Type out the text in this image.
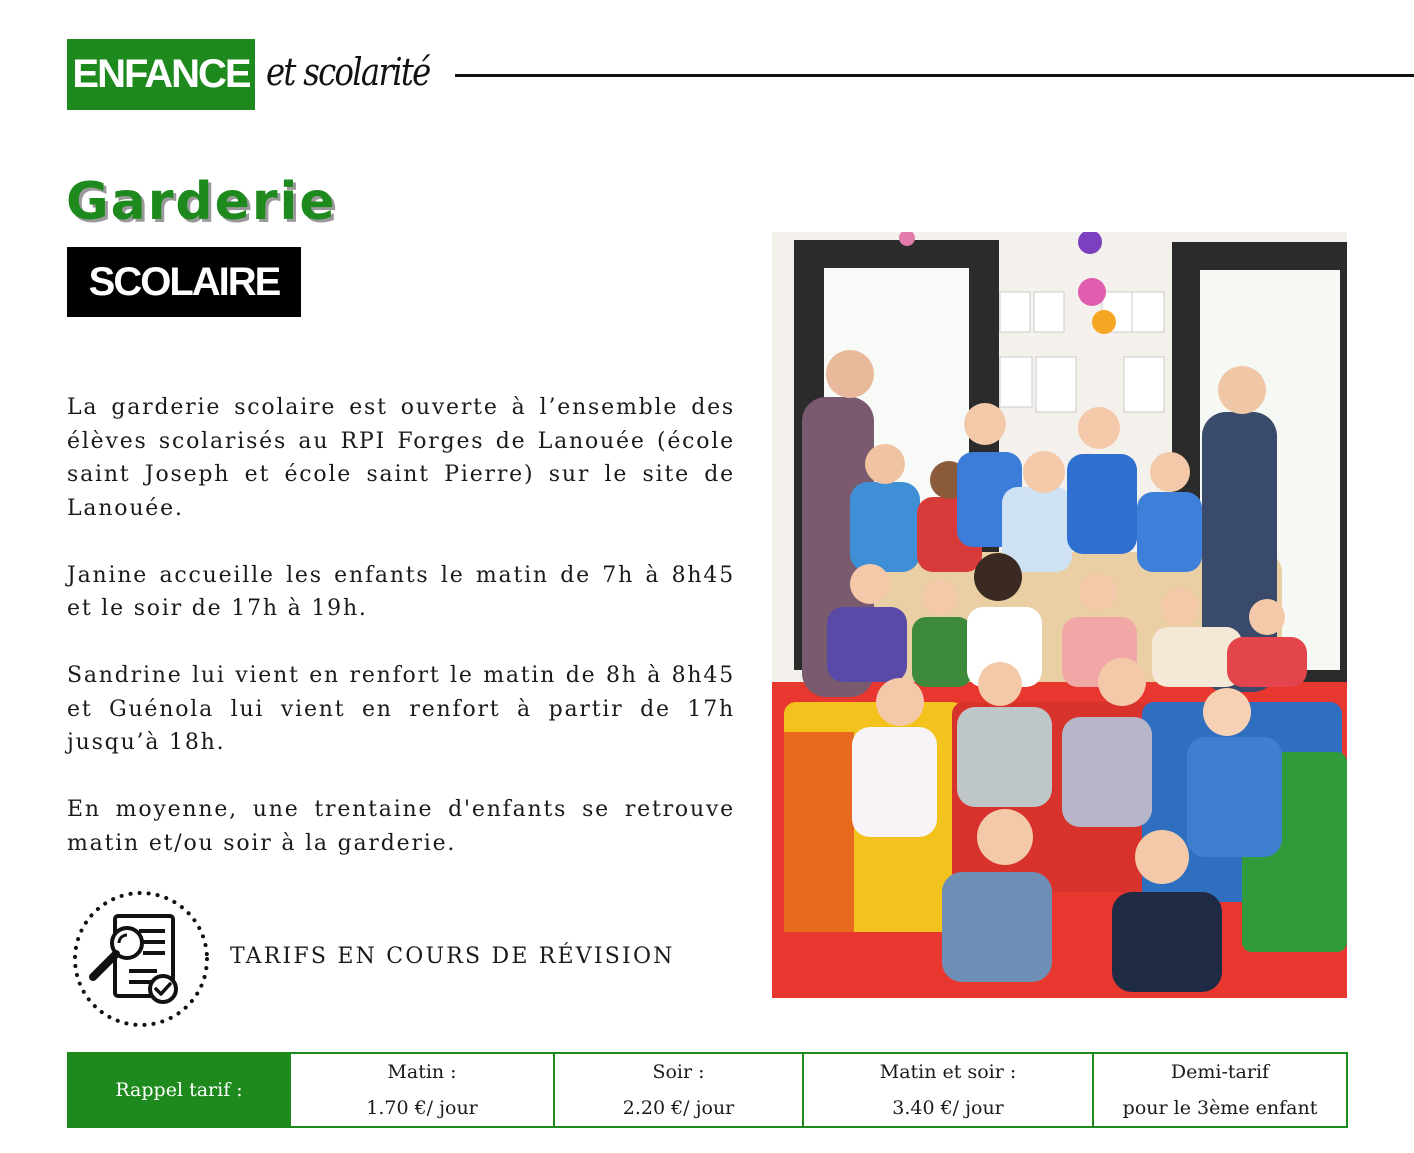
ENFANCE et scolarité
Garderie
SCOLAIRE

La garderie scolaire est ouverte à l’ensemble des élèves scolarisés au RPI Forges de Lanouée (école saint Joseph et école saint Pierre) sur le site de Lanouée.

Janine accueille les enfants le matin de 7h à 8h45 et le soir de 17h à 19h.

Sandrine lui vient en renfort le matin de 8h à 8h45 et Guénola lui vient en renfort à partir de 17h jusqu’à 18h.

En moyenne, une trentaine d'enfants se retrouve matin et/ou soir à la garderie.

TARIFS EN COURS DE RÉVISION
Rappel tarif :	
Matin :
1.70 €/ jour

Soir :
2.20 €/ jour

Matin et soir :
3.40 €/ jour

Demi-tarif
pour le 3ème enfant
